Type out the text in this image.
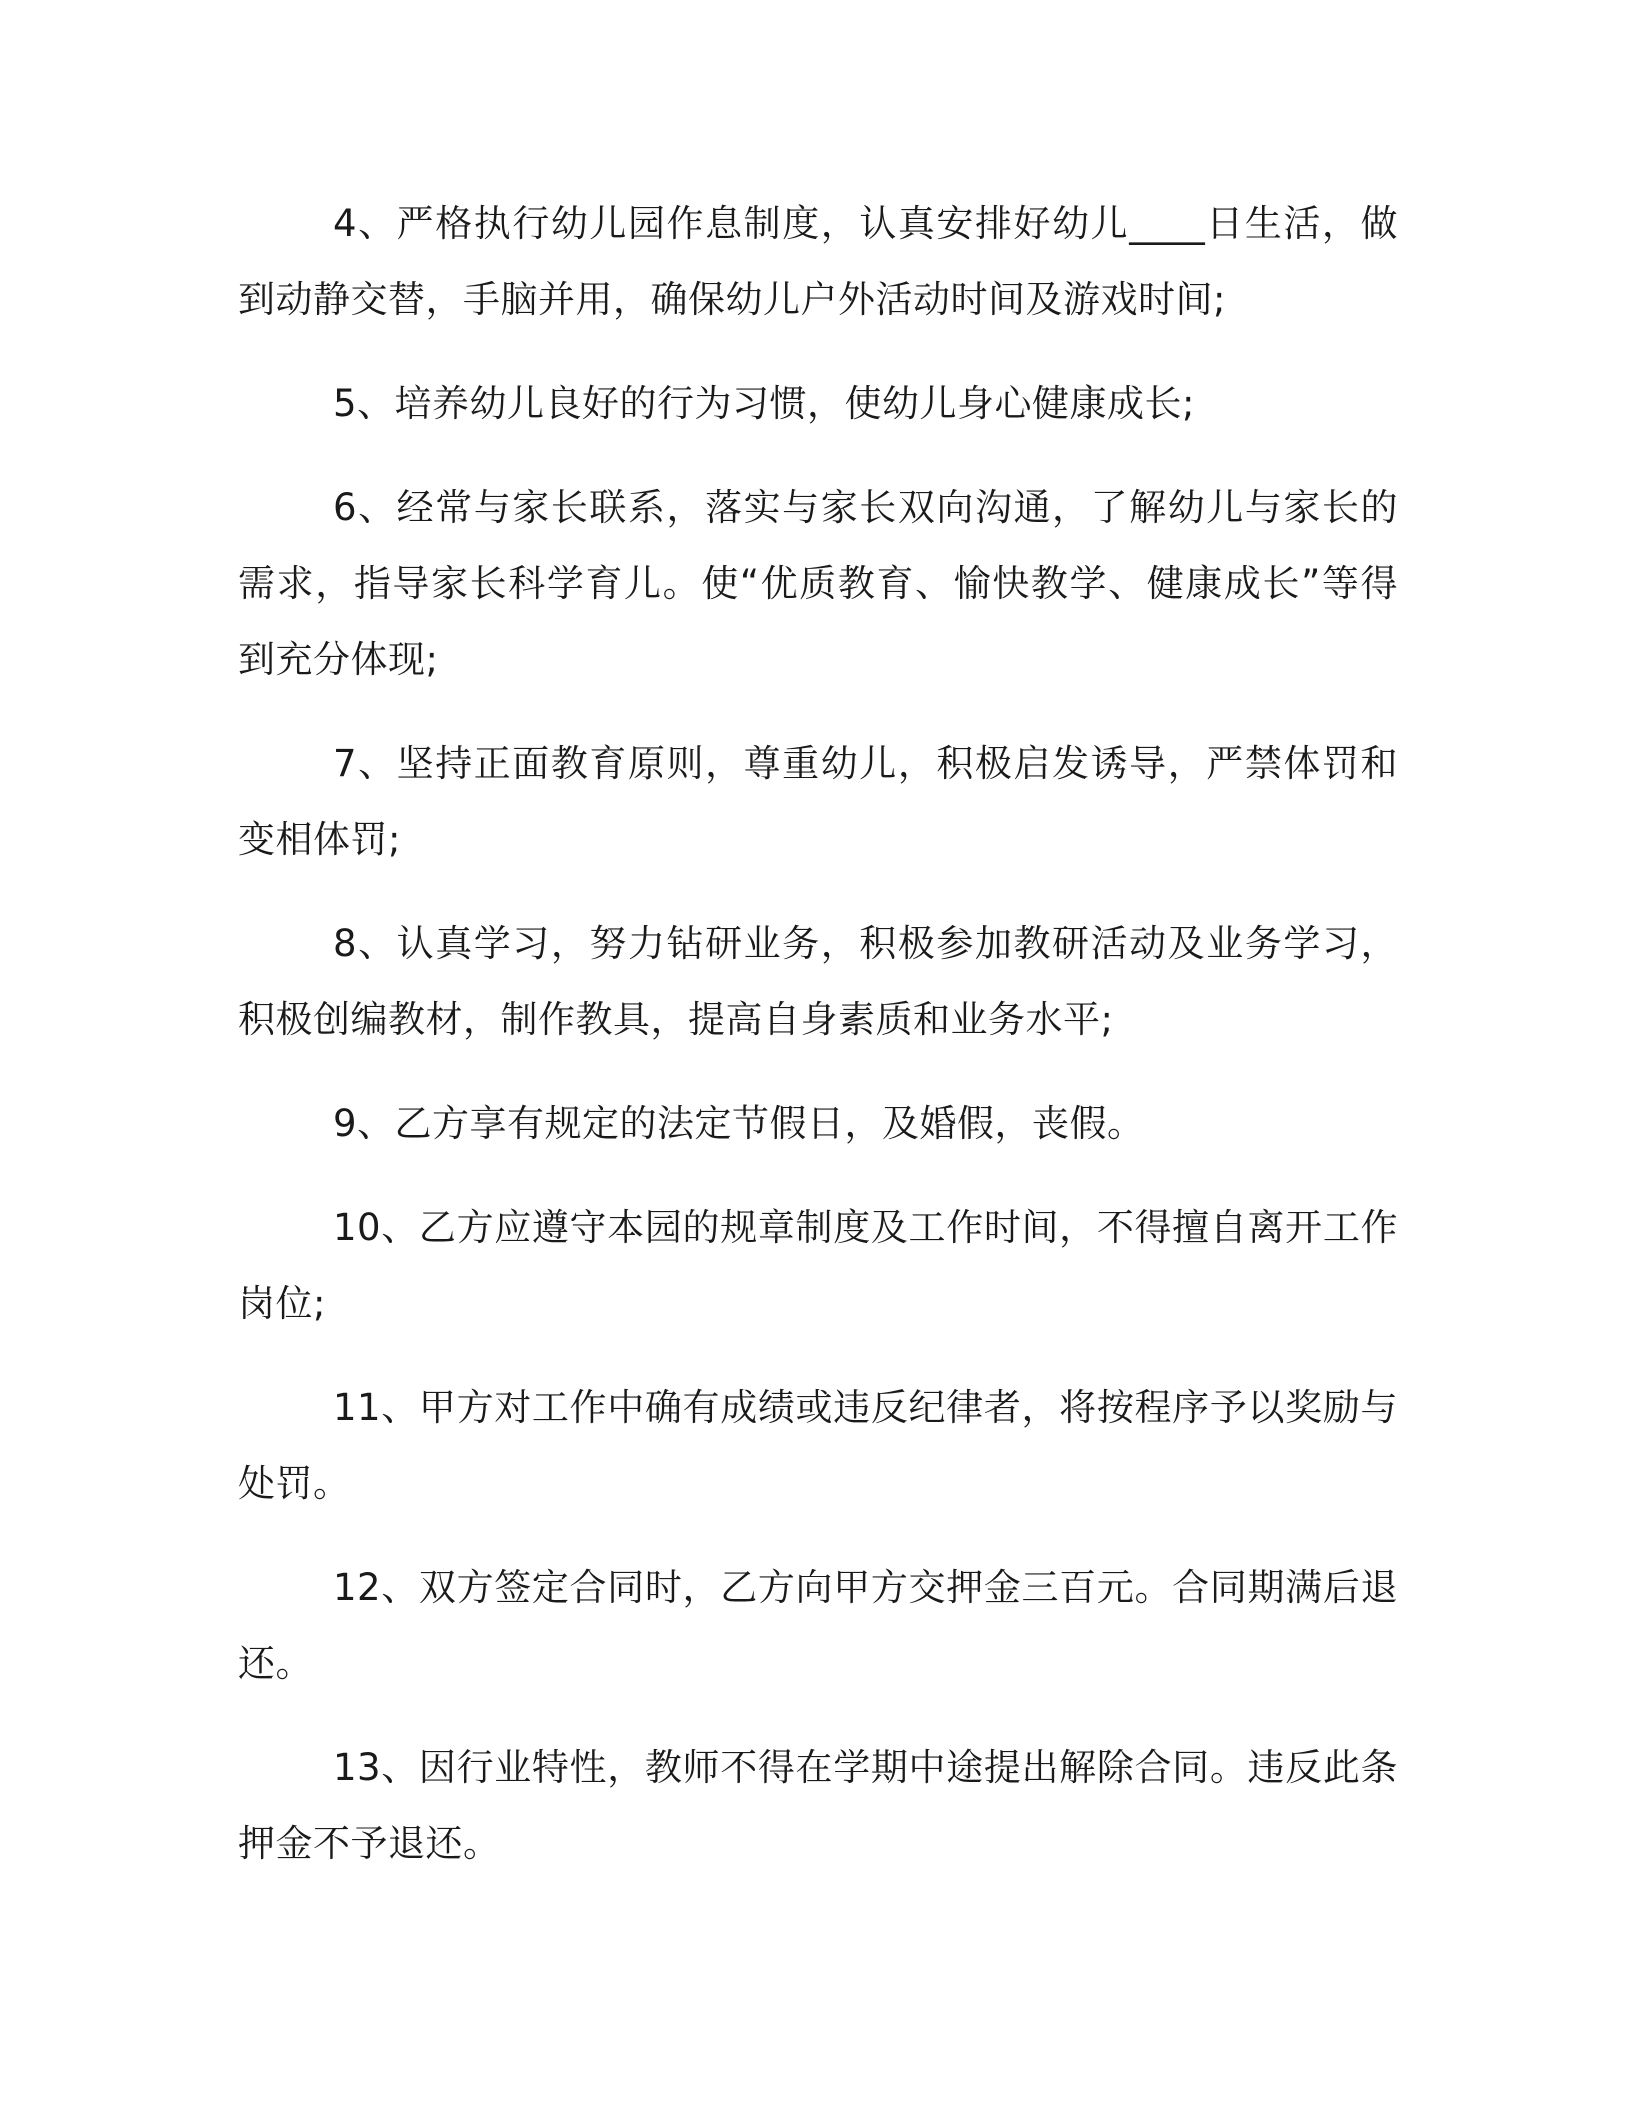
4、严格执行幼儿园作息制度，认真安排好幼儿____日生活，做到动静交替，手脑并用，确保幼儿户外活动时间及游戏时间;

5、培养幼儿良好的行为习惯，使幼儿身心健康成长;

6、经常与家长联系，落实与家长双向沟通，了解幼儿与家长的需求，指导家长科学育儿。使“优质教育、愉快教学、健康成长”等得到充分体现;

7、坚持正面教育原则，尊重幼儿，积极启发诱导，严禁体罚和变相体罚;

8、认真学习，努力钻研业务，积极参加教研活动及业务学习，积极创编教材，制作教具，提高自身素质和业务水平;

9、乙方享有规定的法定节假日，及婚假，丧假。

10、乙方应遵守本园的规章制度及工作时间，不得擅自离开工作岗位;

11、甲方对工作中确有成绩或违反纪律者，将按程序予以奖励与处罚。

12、双方签定合同时，乙方向甲方交押金三百元。合同期满后退还。

13、因行业特性，教师不得在学期中途提出解除合同。违反此条押金不予退还。
